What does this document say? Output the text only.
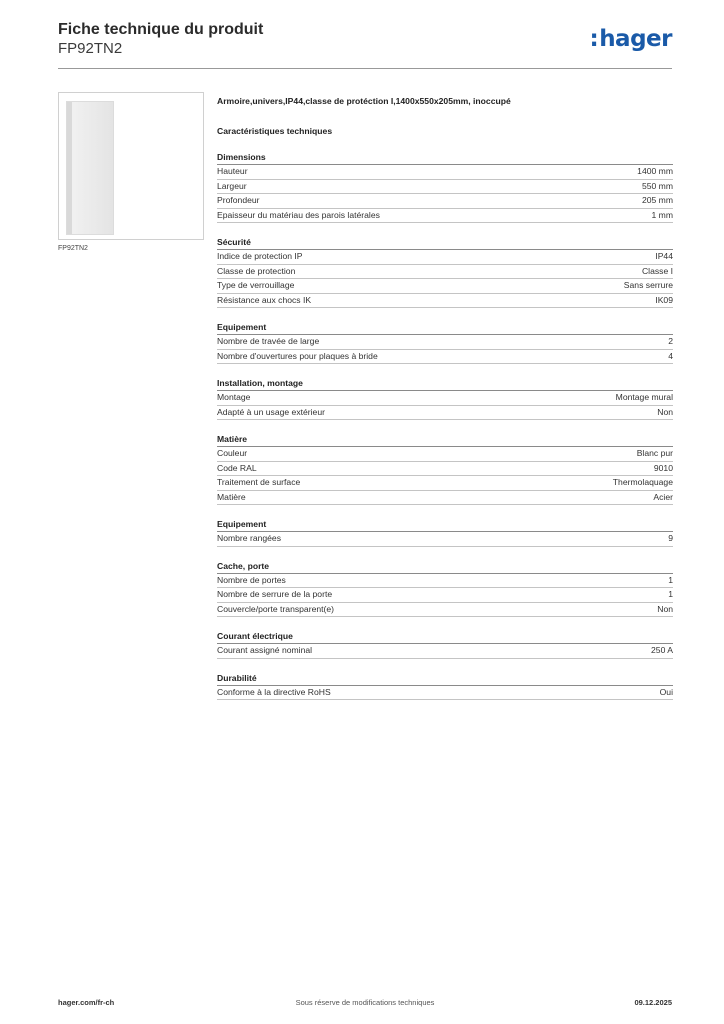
Fiche technique du produit
FP92TN2	:hager
FP92TN2
Armoire,univers,IP44,classe de protéction I,1400x550x205mm, inoccupé
Caractéristiques techniques
Dimensions
Hauteur	1400 mm
Largeur	550 mm
Profondeur	205 mm
Epaisseur du matériau des parois latérales	1 mm
Sécurité
Indice de protection IP	IP44
Classe de protection	Classe I
Type de verrouillage	Sans serrure
Résistance aux chocs IK	IK09
Equipement
Nombre de travée de large	2
Nombre d'ouvertures pour plaques à bride	4
Installation, montage
Montage	Montage mural
Adapté à un usage extérieur	Non
Matière
Couleur	Blanc pur
Code RAL	9010
Traitement de surface	Thermolaquage
Matière	Acier
Equipement
Nombre rangées	9
Cache, porte
Nombre de portes	1
Nombre de serrure de la porte	1
Couvercle/porte transparent(e)	Non
Courant électrique
Courant assigné nominal	250 A
Durabilité
Conforme à la directive RoHS	Oui
hager.com/fr-ch	Sous réserve de modifications techniques	09.12.2025
